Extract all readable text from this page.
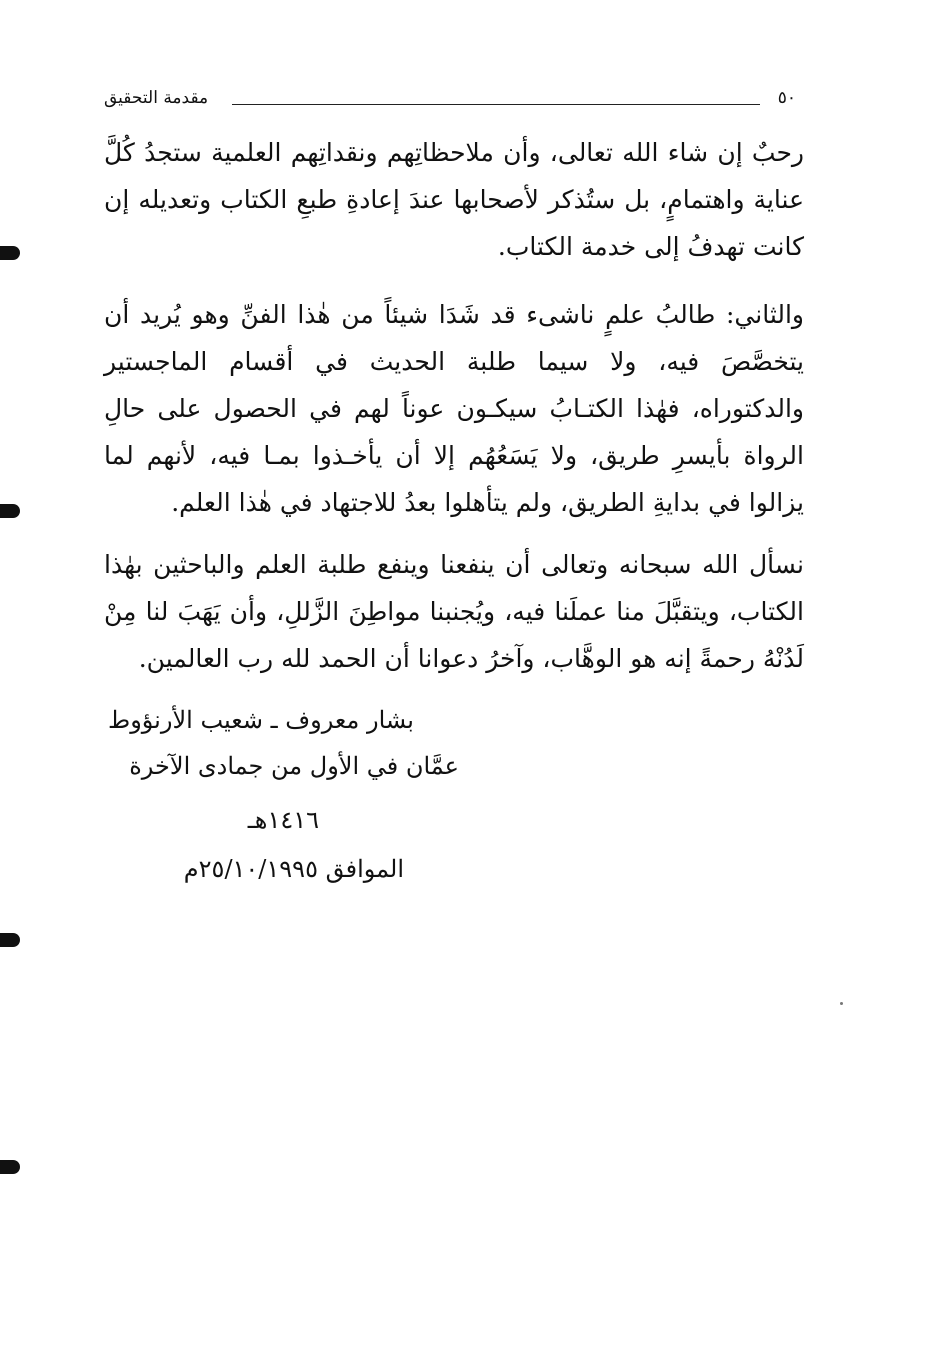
٥٠
مقدمة التحقيق

رحبٌ إن شاء الله تعالى، وأن ملاحظاتِهم ونقداتِهم العلمية ستجدُ كُلَّ عناية واهتمامٍ، بل ستُذكر لأصحابها عندَ إعادةِ طبعِ الكتاب وتعديله إن كانت تهدفُ إلى خدمة الكتاب.

والثاني: طالبُ علمٍ ناشىء قد شَدَا شيئاً من هٰذا الفنِّ وهو يُريد أن يتخصَّصَ فيه، ولا سيما طلبة الحديث في أقسام الماجستير والدكتوراه، فهٰذا الكتـابُ سيكـون عوناً لهم في الحصول على حالِ الرواة بأيسرِ طريق، ولا يَسَعُهُم إلا أن يأخـذوا بمـا فيه، لأنهم لما يزالوا في بدايةِ الطريق، ولم يتأهلوا بعدُ للاجتهاد في هٰذا العلم.

نسأل الله سبحانه وتعالى أن ينفعنا وينفع طلبة العلم والباحثين بهٰذا الكتاب، ويتقبَّلَ منا عملَنا فيه، ويُجنبنا مواطِنَ الزَّللِ، وأن يَهَبَ لنا مِنْ لَدُنْهُ رحمةً إنه هو الوهَّاب، وآخرُ دعوانا أن الحمد لله رب العالمين.

بشار معروف ـ شعيب الأرنؤوط
عمَّان في الأول من جمادى الآخرة
١٤١٦هـ
الموافق ٢٥/١٠/١٩٩٥م
